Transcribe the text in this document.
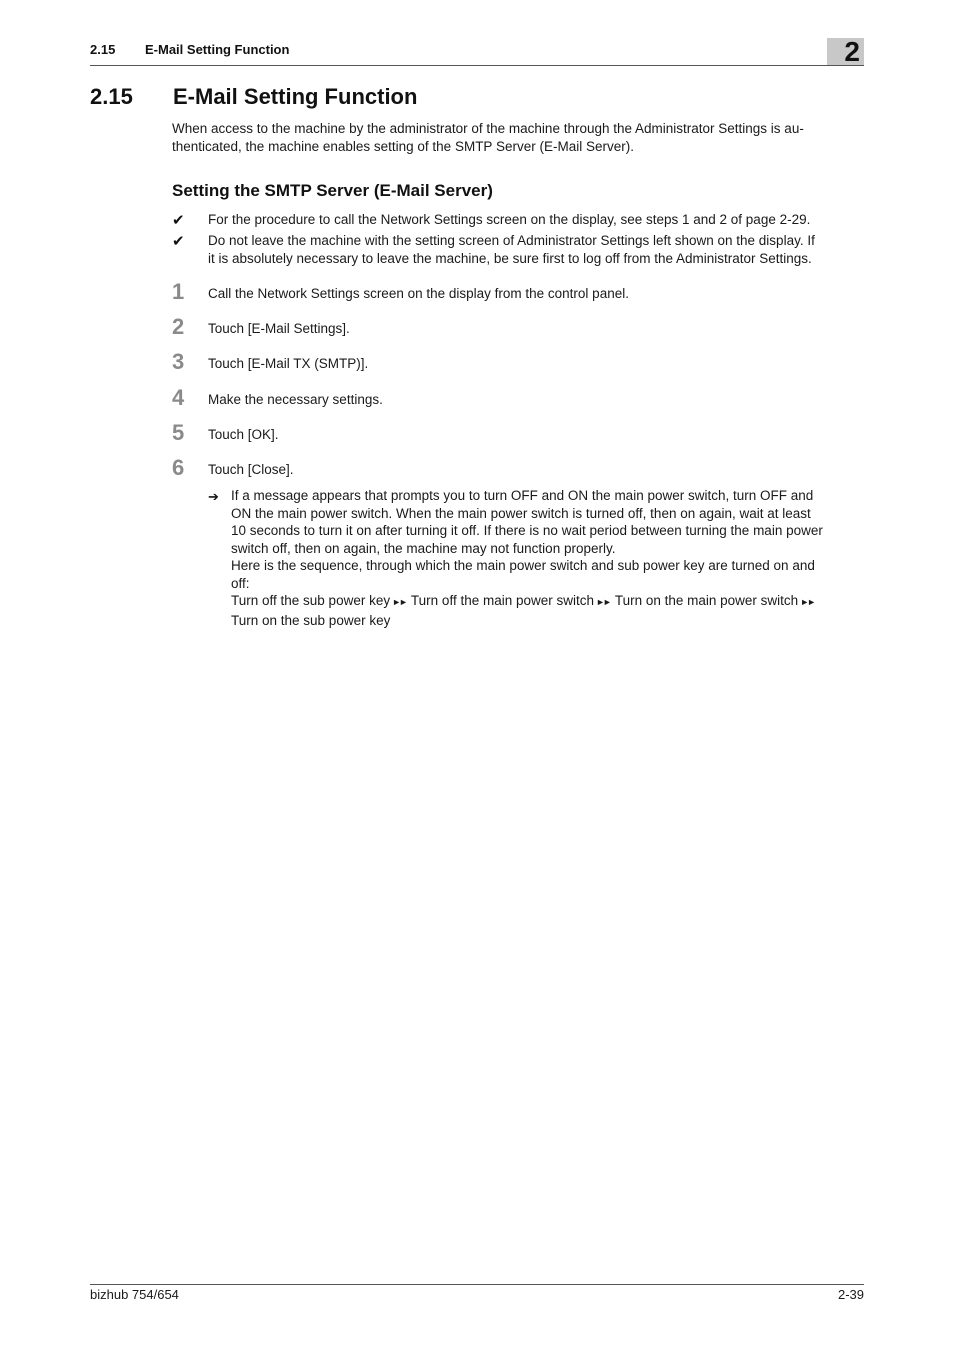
2.15 E-Mail Setting Function	2
2.15 E-Mail Setting Function
When access to the machine by the administrator of the machine through the Administrator Settings is au-
thenticated, the machine enables setting of the SMTP Server (E-Mail Server).
Setting the SMTP Server (E-Mail Server)
✔ For the procedure to call the Network Settings screen on the display, see steps 1 and 2 of page 2-29.
✔ Do not leave the machine with the setting screen of Administrator Settings left shown on the display. If
it is absolutely necessary to leave the machine, be sure first to log off from the Administrator Settings.
1 Call the Network Settings screen on the display from the control panel.
2 Touch [E-Mail Settings].
3 Touch [E-Mail TX (SMTP)].
4 Make the necessary settings.
5 Touch [OK].
6 Touch [Close].
➔ If a message appears that prompts you to turn OFF and ON the main power switch, turn OFF and
ON the main power switch. When the main power switch is turned off, then on again, wait at least
10 seconds to turn it on after turning it off. If there is no wait period between turning the main power
switch off, then on again, the machine may not function properly.
Here is the sequence, through which the main power switch and sub power key are turned on and
off:
Turn off the sub power key ►► Turn off the main power switch ►► Turn on the main power switch ►►
Turn on the sub power key
bizhub 754/654	2-39
